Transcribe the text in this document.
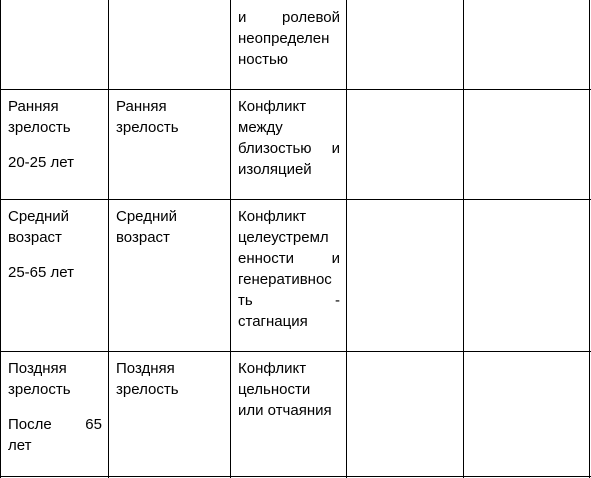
и ролевой
неопределен
ностью
Ранняя
зрелость
20-25 лет
Ранняя
зрелость
Конфликт
между
близостью и
изоляцией
Средний
возраст
25-65 лет
Средний
возраст
Конфликт
целеустремл
енности и
генеративнос
ть -
стагнация
Поздняя
зрелость
После 65
лет
Поздняя
зрелость
Конфликт
цельности
или отчаяния
